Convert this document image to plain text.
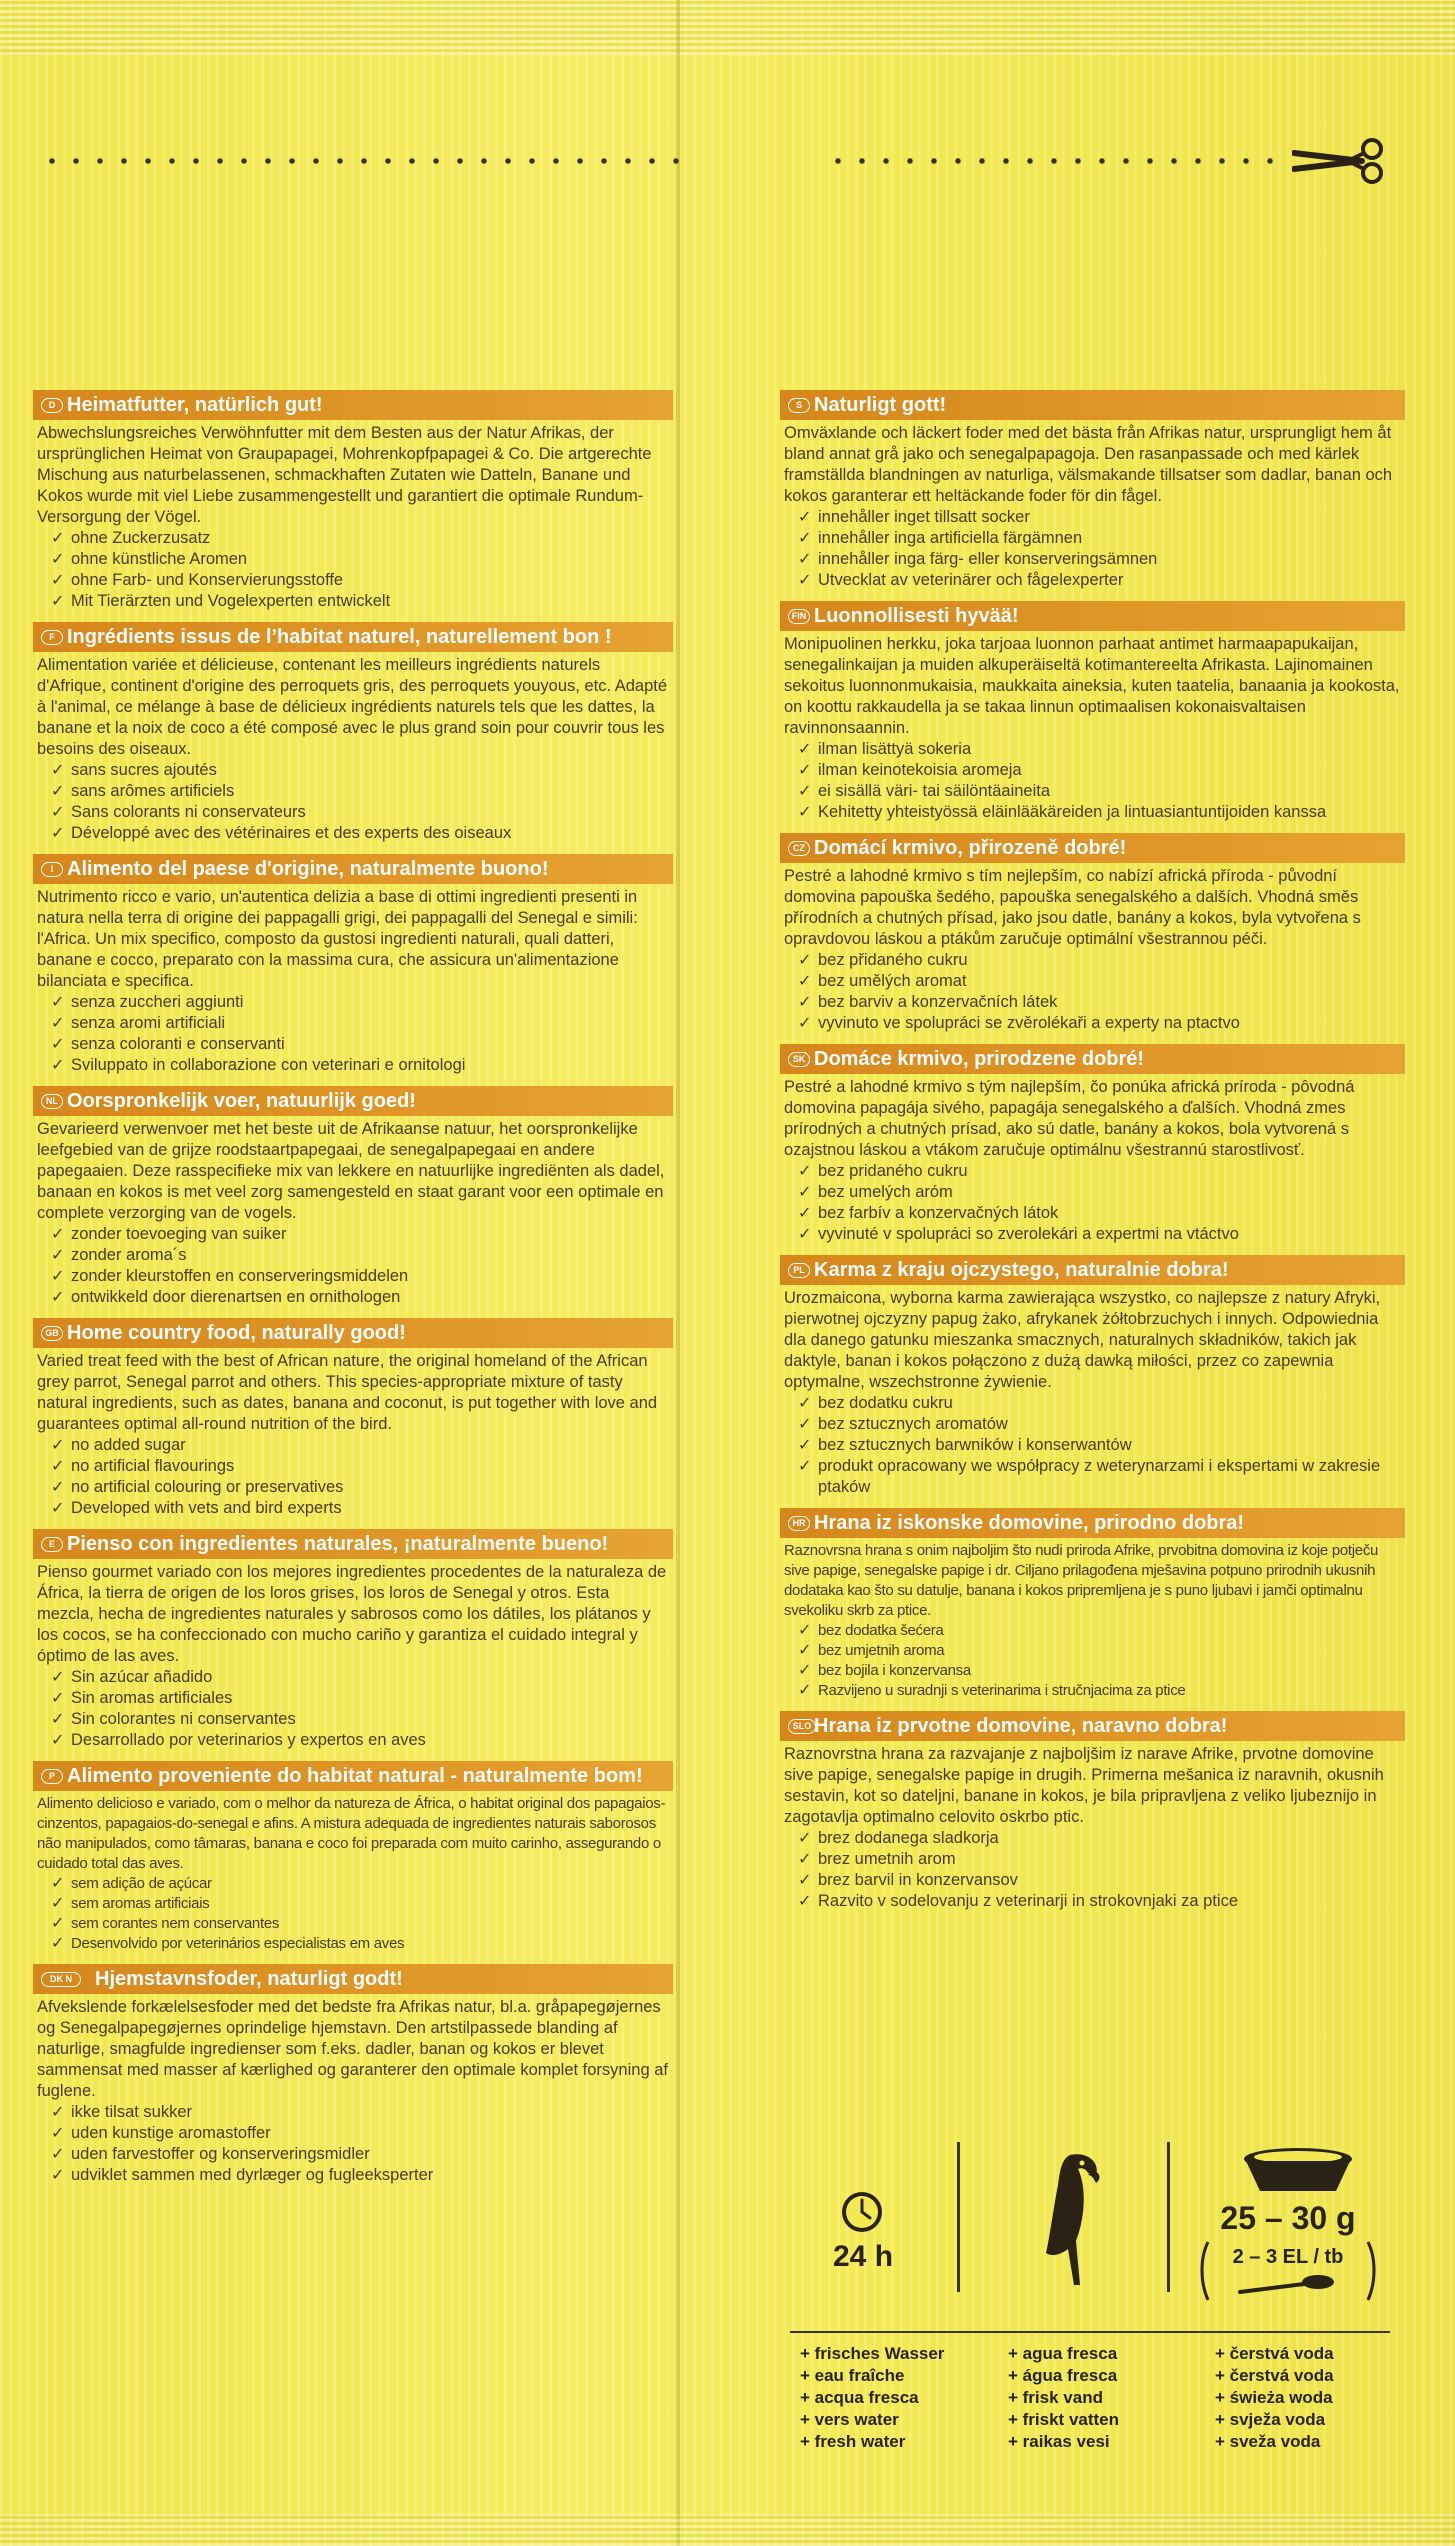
D Heimatfutter, natürlich gut!

Abwechslungsreiches Verwöhnfutter mit dem Besten aus der Natur Afrikas, der ursprünglichen Heimat von Graupapagei, Mohrenkopfpapagei & Co. Die artgerechte Mischung aus naturbelassenen, schmackhaften Zutaten wie Datteln, Banane und Kokos wurde mit viel Liebe zusammengestellt und garantiert die optimale Rundum-Versorgung der Vögel.

✓ ohne Zuckerzusatz
✓ ohne künstliche Aromen
✓ ohne Farb- und Konservierungsstoffe
✓ Mit Tierärzten und Vogelexperten entwickelt
F Ingrédients issus de l’habitat naturel, naturellement bon !

Alimentation variée et délicieuse, contenant les meilleurs ingrédients naturels d'Afrique, continent d'origine des perroquets gris, des perroquets youyous, etc. Adapté à l'animal, ce mélange à base de délicieux ingrédients naturels tels que les dattes, la banane et la noix de coco a été composé avec le plus grand soin pour couvrir tous les besoins des oiseaux.

✓ sans sucres ajoutés
✓ sans arômes artificiels
✓ Sans colorants ni conservateurs
✓ Développé avec des vétérinaires et des experts des oiseaux
I Alimento del paese d'origine, naturalmente buono!

Nutrimento ricco e vario, un'autentica delizia a base di ottimi ingredienti presenti in natura nella terra di origine dei pappagalli grigi, dei pappagalli del Senegal e simili: l'Africa. Un mix specifico, composto da gustosi ingredienti naturali, quali datteri, banane e cocco, preparato con la massima cura, che assicura un'alimentazione bilanciata e specifica.

✓ senza zuccheri aggiunti
✓ senza aromi artificiali
✓ senza coloranti e conservanti
✓ Sviluppato in collaborazione con veterinari e ornitologi
NL Oorspronkelijk voer, natuurlijk goed!

Gevarieerd verwenvoer met het beste uit de Afrikaanse natuur, het oorspronkelijke leefgebied van de grijze roodstaartpapegaai, de senegalpapegaai en andere papegaaien. Deze rasspecifieke mix van lekkere en natuurlijke ingrediënten als dadel, banaan en kokos is met veel zorg samengesteld en staat garant voor een optimale en complete verzorging van de vogels.

✓ zonder toevoeging van suiker
✓ zonder aroma´s
✓ zonder kleurstoffen en conserveringsmiddelen
✓ ontwikkeld door dierenartsen en ornithologen
GB Home country food, naturally good!

Varied treat feed with the best of African nature, the original homeland of the African grey parrot, Senegal parrot and others. This species-appropriate mixture of tasty natural ingredients, such as dates, banana and coconut, is put together with love and guarantees optimal all-round nutrition of the bird.

✓ no added sugar
✓ no artificial flavourings
✓ no artificial colouring or preservatives
✓ Developed with vets and bird experts
E Pienso con ingredientes naturales, ¡naturalmente bueno!

Pienso gourmet variado con los mejores ingredientes procedentes de la naturaleza de África, la tierra de origen de los loros grises, los loros de Senegal y otros. Esta mezcla, hecha de ingredientes naturales y sabrosos como los dátiles, los plátanos y los cocos, se ha confeccionado con mucho cariño y garantiza el cuidado integral y óptimo de las aves.

✓ Sin azúcar añadido
✓ Sin aromas artificiales
✓ Sin colorantes ni conservantes
✓ Desarrollado por veterinarios y expertos en aves
P Alimento proveniente do habitat natural - naturalmente bom!

Alimento delicioso e variado, com o melhor da natureza de África, o habitat original dos papagaios-cinzentos, papagaios-do-senegal e afins. A mistura adequada de ingredientes naturais saborosos não manipulados, como tâmaras, banana e coco foi preparada com muito carinho, assegurando o cuidado total das aves.

✓ sem adição de açúcar
✓ sem aromas artificiais
✓ sem corantes nem conservantes
✓ Desenvolvido por veterinários especialistas em aves
DK N	Hjemstavnsfoder, naturligt godt!

Afvekslende forkælelsesfoder med det bedste fra Afrikas natur, bl.a. gråpapegøjernes og Senegalpapegøjernes oprindelige hjemstavn. Den artstilpassede blanding af naturlige, smagfulde ingredienser som f.eks. dadler, banan og kokos er blevet sammensat med masser af kærlighed og garanterer den optimale komplet forsyning af fuglene.

✓ ikke tilsat sukker
✓ uden kunstige aromastoffer
✓ uden farvestoffer og konserveringsmidler
✓ udviklet sammen med dyrlæger og fugleeksperter
S Naturligt gott!

Omväxlande och läckert foder med det bästa från Afrikas natur, ursprungligt hem åt bland annat grå jako och senegalpapagoja. Den rasanpassade och med kärlek framställda blandningen av naturliga, välsmakande tillsatser som dadlar, banan och kokos garanterar ett heltäckande foder för din fågel.

✓ innehåller inget tillsatt socker
✓ innehåller inga artificiella färgämnen
✓ innehåller inga färg- eller konserveringsämnen
✓ Utvecklat av veterinärer och fågelexperter
FIN Luonnollisesti hyvää!

Monipuolinen herkku, joka tarjoaa luonnon parhaat antimet harmaapapukaijan, senegalinkaijan ja muiden alkuperäiseltä kotimantereelta Afrikasta. Lajinomainen sekoitus luonnonmukaisia, maukkaita aineksia, kuten taatelia, banaania ja kookosta, on koottu rakkaudella ja se takaa linnun optimaalisen kokonaisvaltaisen ravinnonsaannin.

✓ ilman lisättyä sokeria
✓ ilman keinotekoisia aromeja
✓ ei sisällä väri- tai säilöntäaineita
✓ Kehitetty yhteistyössä eläinlääkäreiden ja lintuasiantuntijoiden kanssa
CZ Domácí krmivo, přirozeně dobré!

Pestré a lahodné krmivo s tím nejlepším, co nabízí africká příroda - původní domovina papouška šedého, papouška senegalského a dalších. Vhodná směs přírodních a chutných přísad, jako jsou datle, banány a kokos, byla vytvořena s opravdovou láskou a ptákům zaručuje optimální všestrannou péči.

✓ bez přidaného cukru
✓ bez umělých aromat
✓ bez barviv a konzervačních látek
✓ vyvinuto ve spolupráci se zvěrolékaři a experty na ptactvo
SK Domáce krmivo, prirodzene dobré!

Pestré a lahodné krmivo s tým najlepším, čo ponúka africká príroda - pôvodná domovina papagája sivého, papagája senegalského a ďalších. Vhodná zmes prírodných a chutných prísad, ako sú datle, banány a kokos, bola vytvorená s ozajstnou láskou a vtákom zaručuje optimálnu všestrannú starostlivosť.

✓ bez pridaného cukru
✓ bez umelých aróm
✓ bez farbív a konzervačných látok
✓ vyvinuté v spolupráci so zverolekári a expertmi na vtáctvo
PL Karma z kraju ojczystego, naturalnie dobra!

Urozmaicona, wyborna karma zawierająca wszystko, co najlepsze z natury Afryki, pierwotnej ojczyzny papug żako, afrykanek żółtobrzuchych i innych. Odpowiednia dla danego gatunku mieszanka smacznych, naturalnych składników, takich jak daktyle, banan i kokos połączono z dużą dawką miłości, przez co zapewnia optymalne, wszechstronne żywienie.

✓ bez dodatku cukru
✓ bez sztucznych aromatów
✓ bez sztucznych barwników i konserwantów
✓ produkt opracowany we współpracy z weterynarzami i ekspertami w zakresie ptaków
HR Hrana iz iskonske domovine, prirodno dobra!

Raznovrsna hrana s onim najboljim što nudi priroda Afrike, prvobitna domovina iz koje potječu sive papige, senegalske papige i dr. Ciljano prilagođena mješavina potpuno prirodnih ukusnih dodataka kao što su datulje, banana i kokos pripremljena je s puno ljubavi i jamči optimalnu svekoliku skrb za ptice.

✓ bez dodatka šećera
✓ bez umjetnih aroma
✓ bez bojila i konzervansa
✓ Razvijeno u suradnji s veterinarima i stručnjacima za ptice
SLO Hrana iz prvotne domovine, naravno dobra!

Raznovrstna hrana za razvajanje z najboljšim iz narave Afrike, prvotne domovine sive papige, senegalske papige in drugih. Primerna mešanica iz naravnih, okusnih sestavin, kot so dateljni, banane in kokos, je bila pripravljena z veliko ljubeznijo in zagotavlja optimalno celovito oskrbo ptic.

✓ brez dodanega sladkorja
✓ brez umetnih arom
✓ brez barvil in konzervansov
✓ Razvito v sodelovanju z veterinarji in strokovnjaki za ptice
24 h
25 – 30 g
2 – 3 EL / tb
+ frisches Wasser
+ eau fraîche
+ acqua fresca
+ vers water
+ fresh water
+ agua fresca
+ água fresca
+ frisk vand
+ friskt vatten
+ raikas vesi
+ čerstvá voda
+ čerstvá voda
+ świeża woda
+ svježa voda
+ sveža voda
